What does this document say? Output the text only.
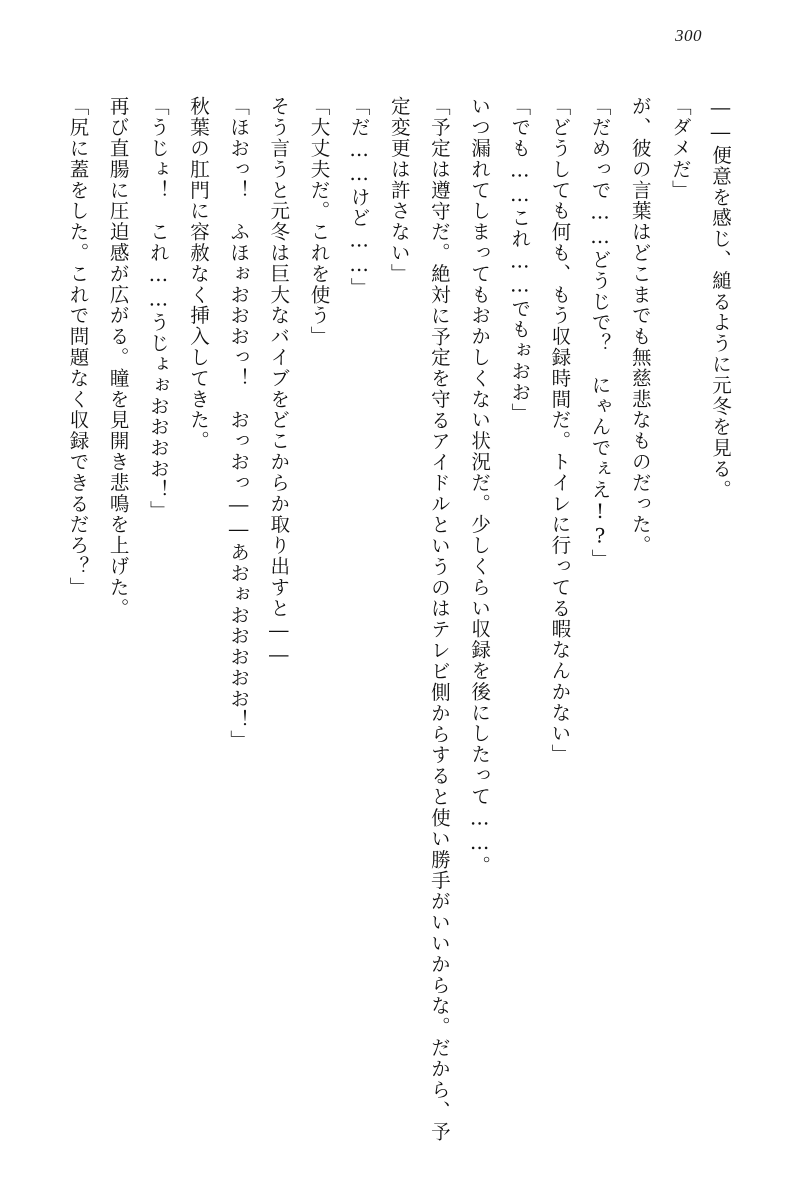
300

――便意を感じ、縋るように元冬を見る。

「ダメだ」

が、彼の言葉はどこまでも無慈悲なものだった。

「だめっで……どうじで？　にゃんでぇえ!?」

「どうしても何も、もう収録時間だ。トイレに行ってる暇なんかない」

「でも……これ……でもぉおお」

いつ漏れてしまってもおかしくない状況だ。少しくらい収録を後にしたって……。

「予定は遵守だ。絶対に予定を守るアイドルというのはテレビ側からすると使い勝手がいいからな。だから、予定変更は許さない」

「だ……けど……」

「大丈夫だ。これを使う」

そう言うと元冬は巨大なバイブをどこからか取り出すと――

「ほおっ！　ふほぉおおおっ！　おっおっ――あおぉおおおおお！」

秋葉の肛門に容赦なく挿入してきた。

「うじょ！　これ……うじょぉおおおお！」

再び直腸に圧迫感が広がる。瞳を見開き悲鳴を上げた。

「尻に蓋をした。これで問題なく収録できるだろ？」
